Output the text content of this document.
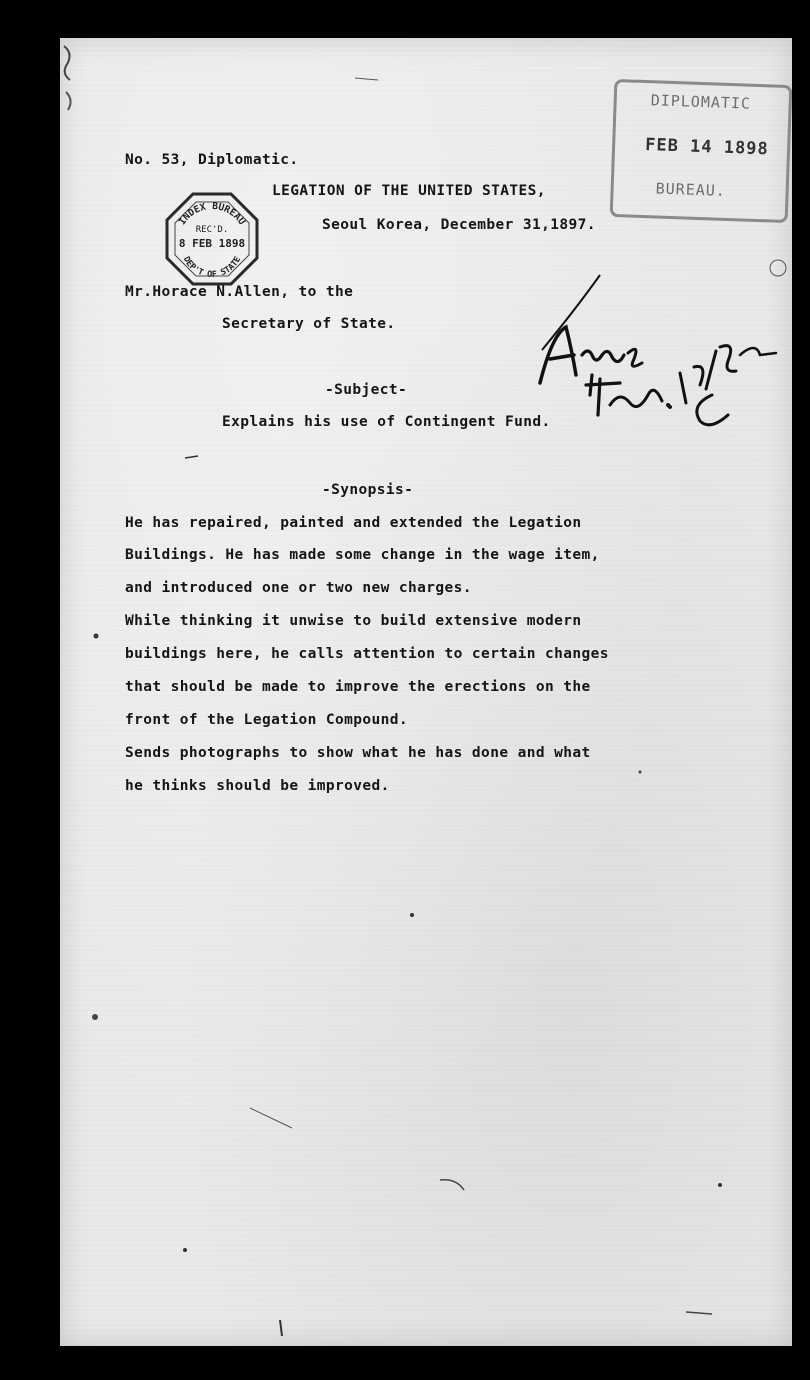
No. 53, Diplomatic.
LEGATION OF THE UNITED STATES,
Seoul Korea, December 31,1897.
Mr.Horace N.Allen, to the
Secretary of State.
-Subject-
Explains his use of Contingent Fund.
-Synopsis-
He has repaired, painted and extended the Legation
Buildings. He has made some change in the wage item,
and introduced one or two new charges.
While thinking it unwise to build extensive modern
buildings here, he calls attention to certain changes
that should be made to improve the erections on the
front of the Legation Compound.
Sends photographs to show what he has done and what
he thinks should be improved.
DIPLOMATIC
FEB 14 1898
BUREAU.
INDEX BUREAU
REC'D.
8 FEB 1898
DEP'T OF STATE
